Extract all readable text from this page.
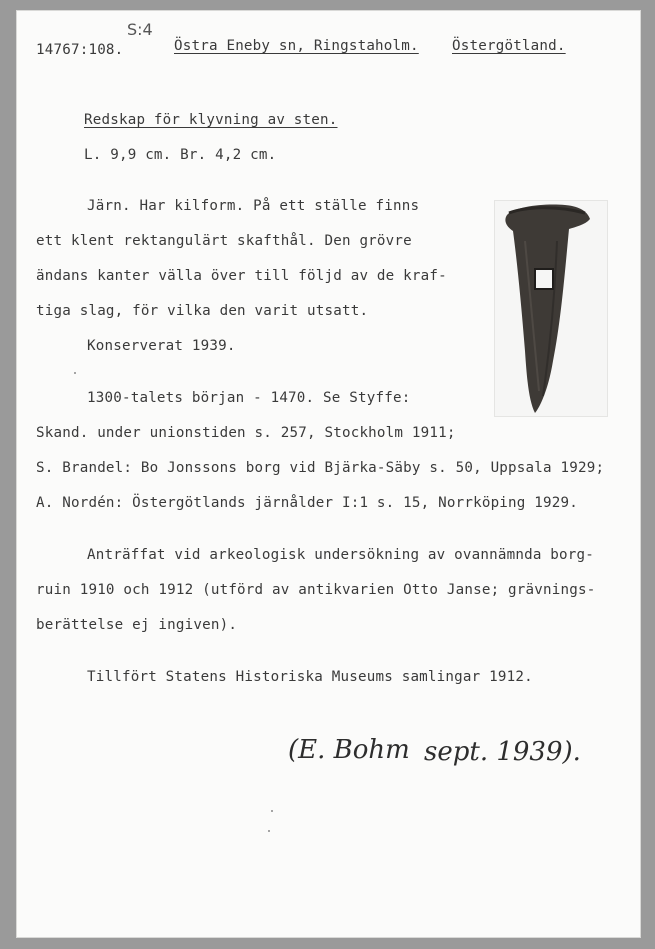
S:4
14767:108.	Östra Eneby sn, Ringstaholm. Östergötland.
Redskap för klyvning av sten.
L. 9,9 cm. Br. 4,2 cm.
Järn. Har kilform. På ett ställe finns
ett klent rektangulärt skafthål. Den grövre
ändans kanter välla över till följd av de kraf-
tiga slag, för vilka den varit utsatt.
Konserverat 1939.
1300-talets början - 1470. Se Styffe:
Skand. under unionstiden s. 257, Stockholm 1911;
S. Brandel: Bo Jonssons borg vid Bjärka-Säby s. 50, Uppsala 1929;
A. Nordén: Östergötlands järnålder I:1 s. 15, Norrköping 1929.
Anträffat vid arkeologisk undersökning av ovannämnda borg-
ruin 1910 och 1912 (utförd av antikvarien Otto Janse; grävnings-
berättelse ej ingiven).
Tillfört Statens Historiska Museums samlingar 1912.
(E. Bohm sept. 1939).
